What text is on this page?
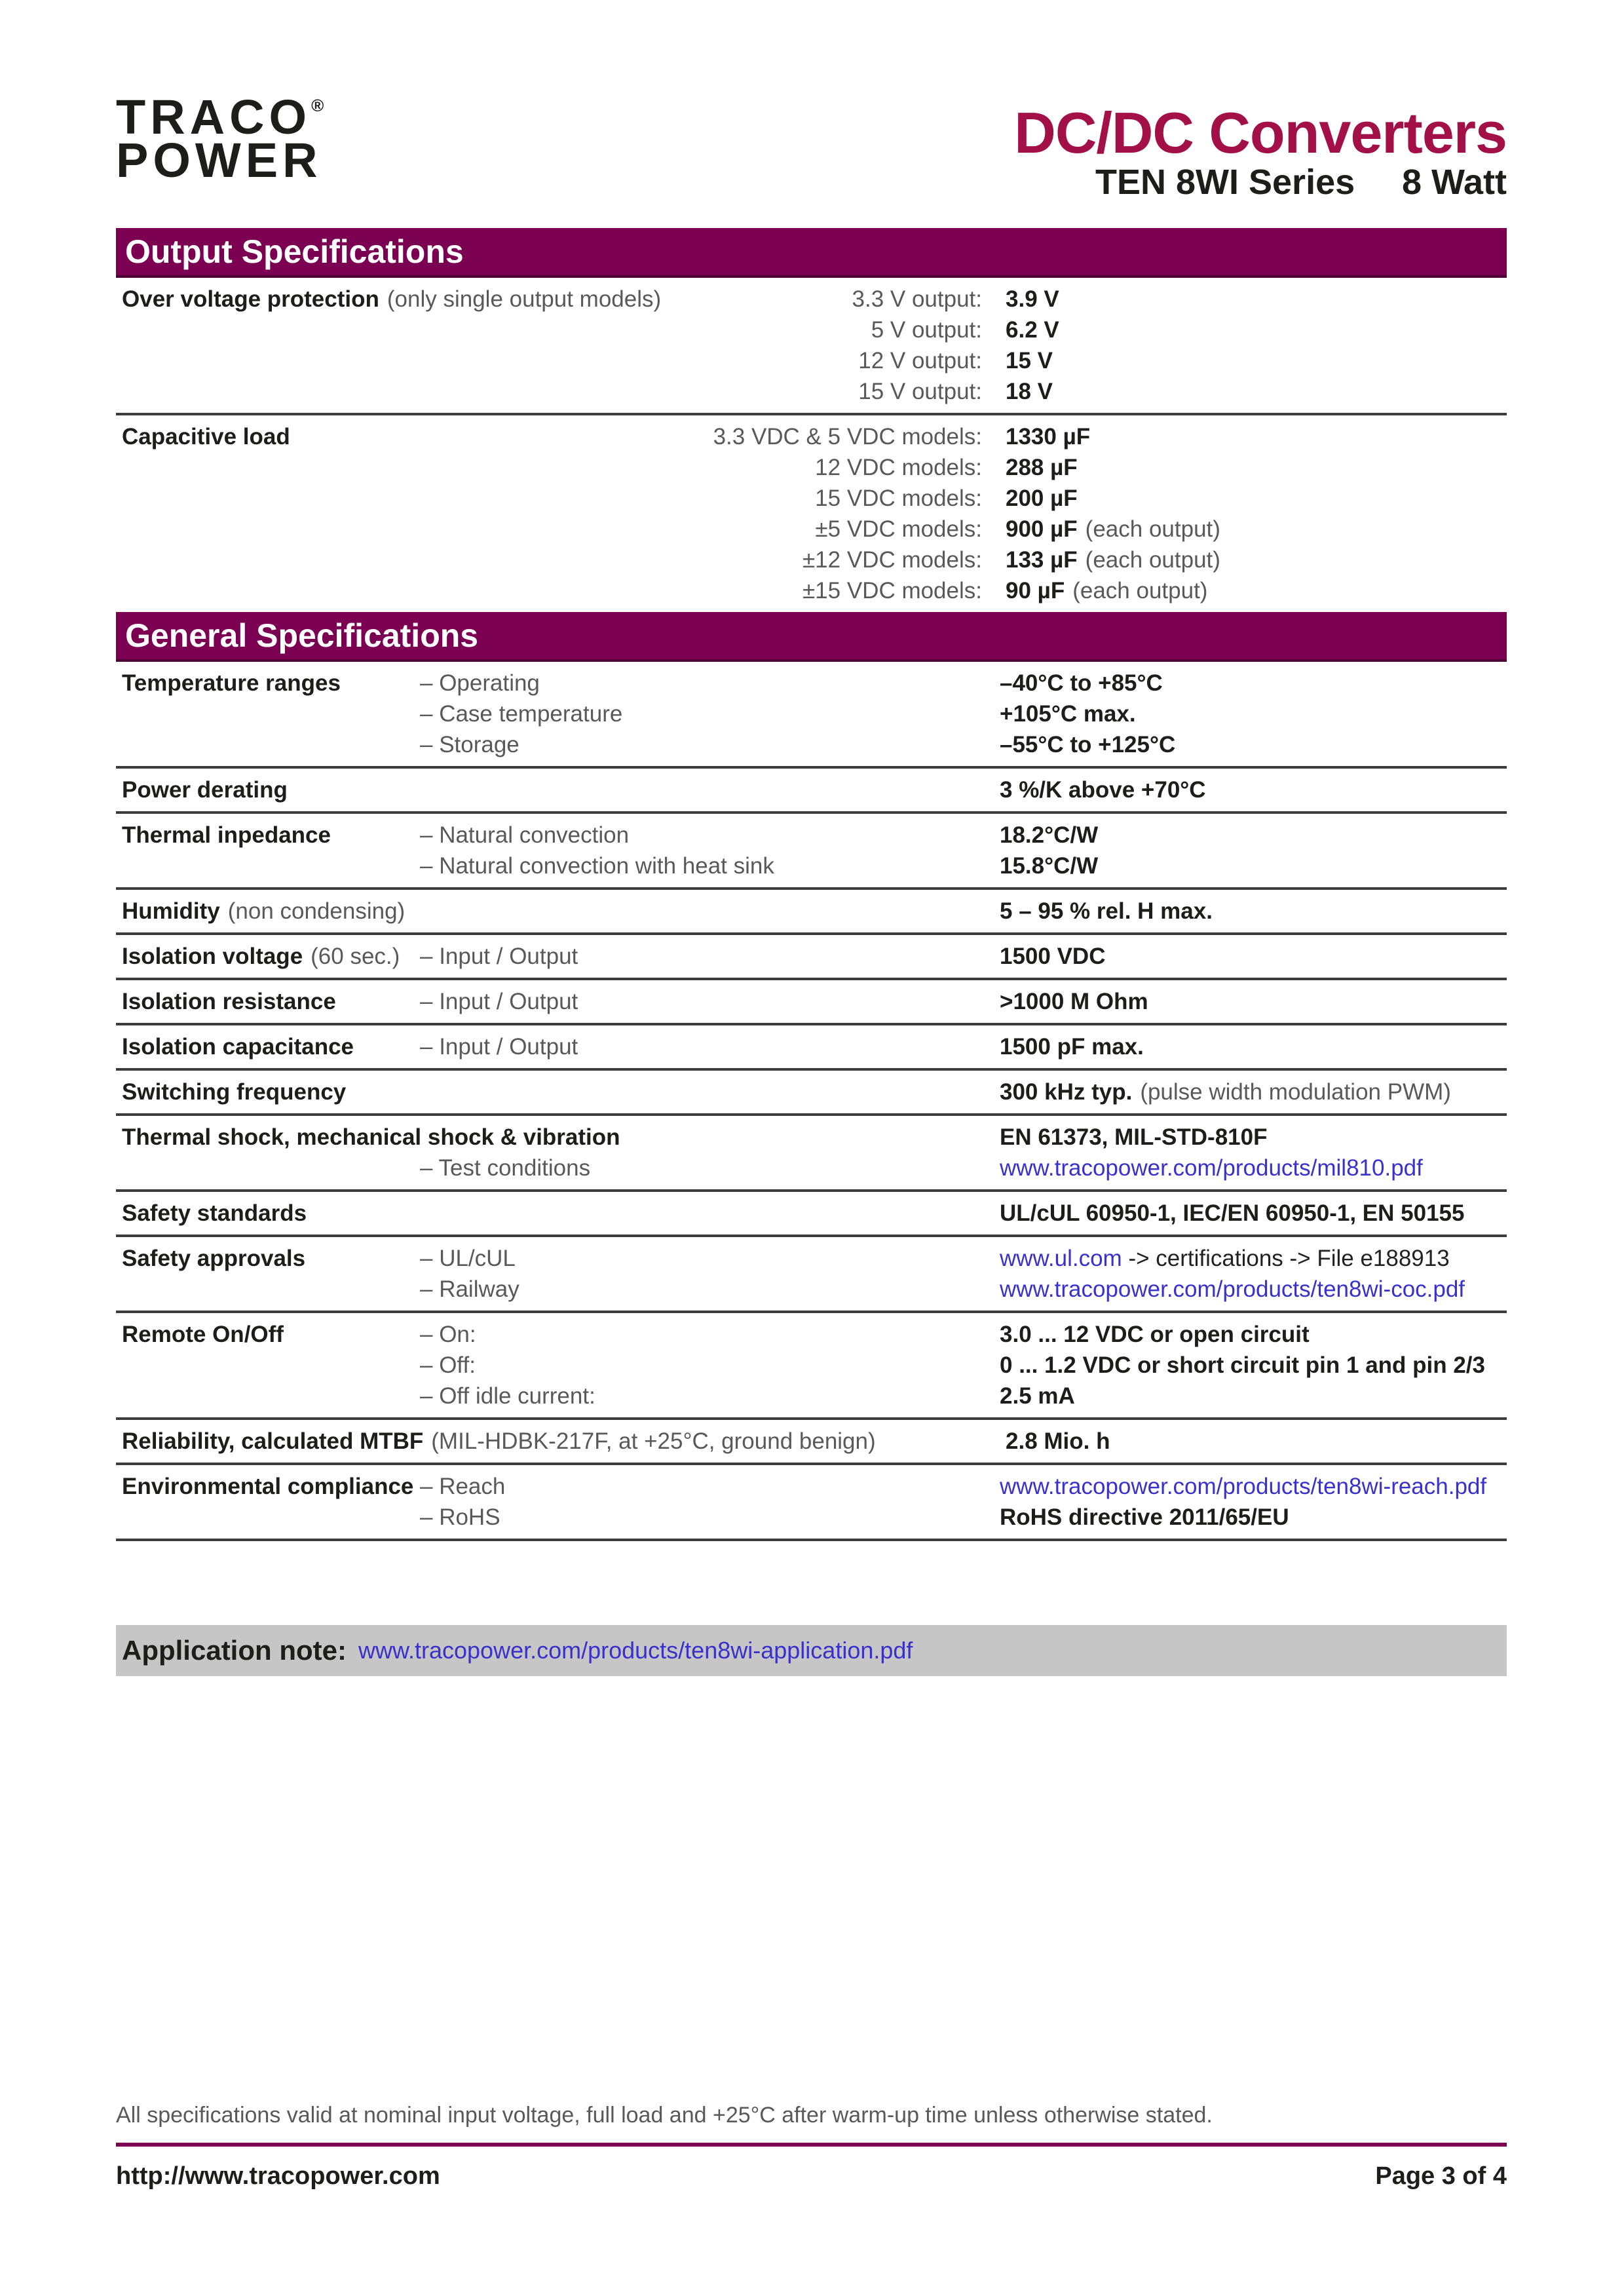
TRACO®
POWER	DC/DC Converters
TEN 8WI Series 8 Watt
Output Specifications
Over voltage protection (only single output models)	3.3 V output:	3.9 V
5 V output:	6.2 V
12 V output:	15 V
15 V output:	18 V
Capacitive load	3.3 VDC & 5 VDC models:	1330 µF
12 VDC models:	288 µF
15 VDC models:	200 µF
±5 VDC models:	900 µF (each output)
±12 VDC models:	133 µF (each output)
±15 VDC models:	90 µF (each output)
General Specifications
Temperature ranges	– Operating	–40°C to +85°C
– Case temperature	+105°C max.
– Storage	–55°C to +125°C
Power derating	3 %/K above +70°C
Thermal inpedance	– Natural convection	18.2°C/W
– Natural convection with heat sink	15.8°C/W
Humidity (non condensing)	5 – 95 % rel. H max.
Isolation voltage (60 sec.) – Input / Output	1500 VDC
Isolation resistance	– Input / Output	>1000 M Ohm
Isolation capacitance	– Input / Output	1500 pF max.
Switching frequency	300 kHz typ. (pulse width modulation PWM)
Thermal shock, mechanical shock & vibration	EN 61373, MIL-STD-810F
– Test conditions	www.tracopower.com/products/mil810.pdf
Safety standards	UL/cUL 60950-1, IEC/EN 60950-1, EN 50155
Safety approvals	– UL/cUL	www.ul.com -> certifications -> File e188913
– Railway	www.tracopower.com/products/ten8wi-coc.pdf
Remote On/Off	– On:	3.0 ... 12 VDC or open circuit
– Off:	0 ... 1.2 VDC or short circuit pin 1 and pin 2/3
– Off idle current:	2.5 mA
Reliability, calculated MTBF (MIL-HDBK-217F, at +25°C, ground benign)	2.8 Mio. h
Environmental compliance – Reach	www.tracopower.com/products/ten8wi-reach.pdf
– RoHS	RoHS directive 2011/65/EU
Application note: www.tracopower.com/products/ten8wi-application.pdf
All specifications valid at nominal input voltage, full load and +25°C after warm-up time unless otherwise stated.
http://www.tracopower.com	Page 3 of 4
